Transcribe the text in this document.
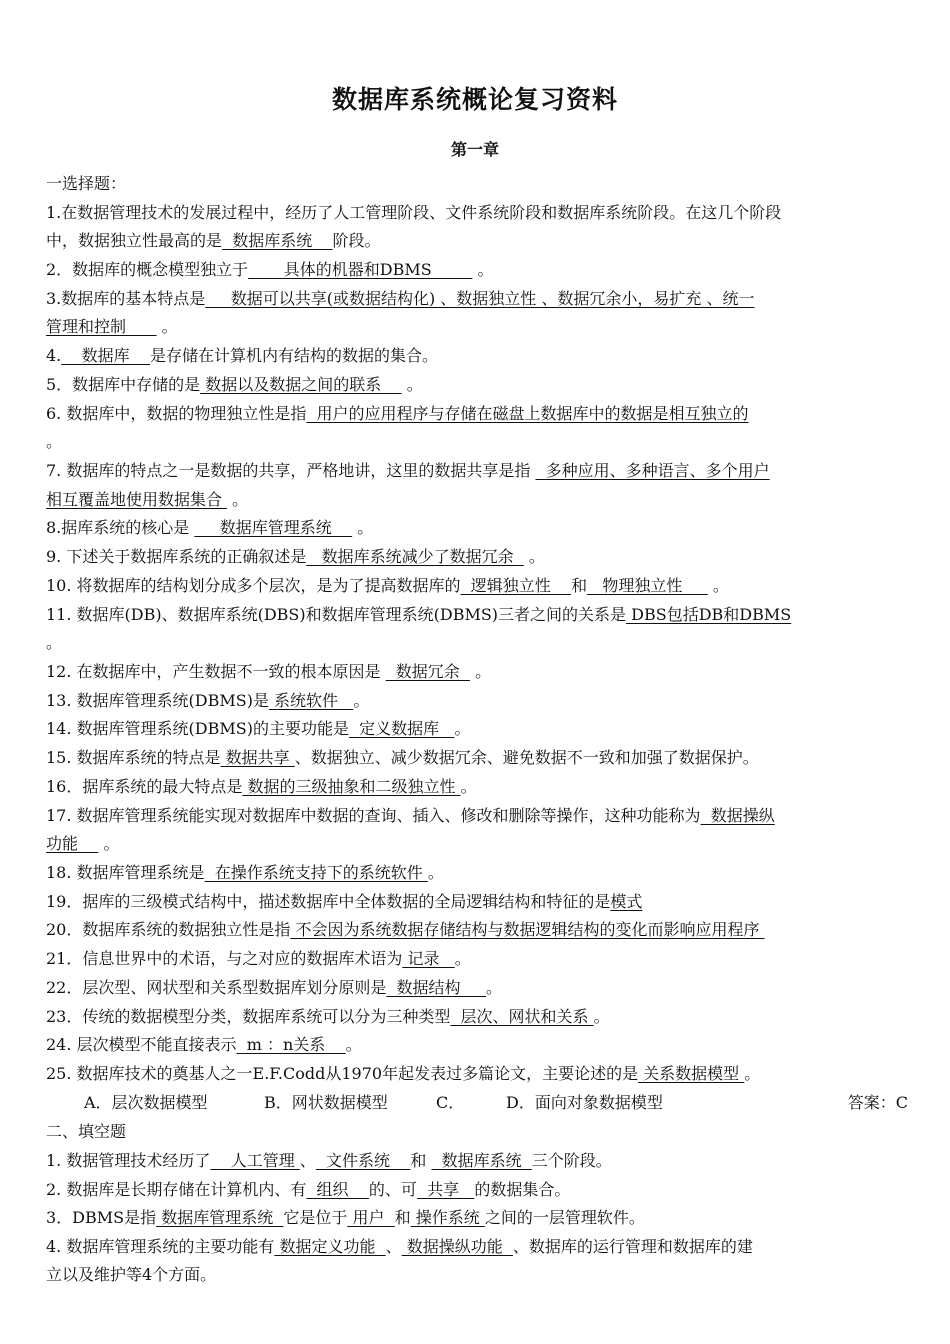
数据库系统概论复习资料
第一章
一选择题：
1.在数据管理技术的发展过程中，经历了人工管理阶段、文件系统阶段和数据库系统阶段。在这几个阶段
中，数据独立性最高的是  数据库系统    阶段。
2．数据库的概念模型独立于       具体的机器和DBMS         。
3.数据库的基本特点是     数据可以共享(或数据结构化) 、数据独立性 、数据冗余小，易扩充 、统一
管理和控制       。
4.    数据库    是存储在计算机内有结构的数据的集合。
5．数据库中存储的是 数据以及数据之间的联系     。
6. 数据库中，数据的物理独立性是指  用户的应用程序与存储在磁盘上数据库中的数据是相互独立的
。
7. 数据库的特点之一是数据的共享，严格地讲，这里的数据共享是指   多种应用、多种语言、多个用户
相互覆盖地使用数据集合  。
8.据库系统的核心是      数据库管理系统     。
9. 下述关于数据库系统的正确叙述是   数据库系统减少了数据冗余   。
10. 将数据库的结构划分成多个层次，是为了提高数据库的  逻辑独立性    和   物理独立性      。
11. 数据库(DB)、数据库系统(DBS)和数据库管理系统(DBMS)三者之间的关系是 DBS包括DB和DBMS
。
12. 在数据库中，产生数据不一致的根本原因是   数据冗余   。
13. 数据库管理系统(DBMS)是 系统软件   。
14. 数据库管理系统(DBMS)的主要功能是  定义数据库   。
15. 数据库系统的特点是 数据共享 、数据独立、减少数据冗余、避免数据不一致和加强了数据保护。
16．据库系统的最大特点是 数据的三级抽象和二级独立性 。
17. 数据库管理系统能实现对数据库中数据的查询、插入、修改和删除等操作，这种功能称为  数据操纵
功能     。
18. 数据库管理系统是  在操作系统支持下的系统软件 。
19．据库的三级模式结构中，描述数据库中全体数据的全局逻辑结构和特征的是模式
20．数据库系统的数据独立性是指 不会因为系统数据存储结构与数据逻辑结构的变化而影响应用程序
21．信息世界中的术语，与之对应的数据库术语为 记录   。
22．层次型、网状型和关系型数据库划分原则是  数据结构     。
23．传统的数据模型分类，数据库系统可以分为三种类型  层次、网状和关系 。
24. 层次模型不能直接表示  m ：n关系    。
25. 数据库技术的奠基人之一E.F.Codd从1970年起发表过多篇论文，主要论述的是 关系数据模型 。
A．层次数据模型	B．网状数据模型	C．	D．面向对象数据模型	答案：C
二、填空题
1. 数据管理技术经历了    人工管理 、  文件系统    和   数据库系统  三个阶段。
2. 数据库是长期存储在计算机内、有  组织    的、可  共享   的数据集合。
3．DBMS是指 数据库管理系统  它是位于 用户  和 操作系统 之间的一层管理软件。
4. 数据库管理系统的主要功能有 数据定义功能  、 数据操纵功能  、数据库的运行管理和数据库的建
立以及维护等4个方面。
